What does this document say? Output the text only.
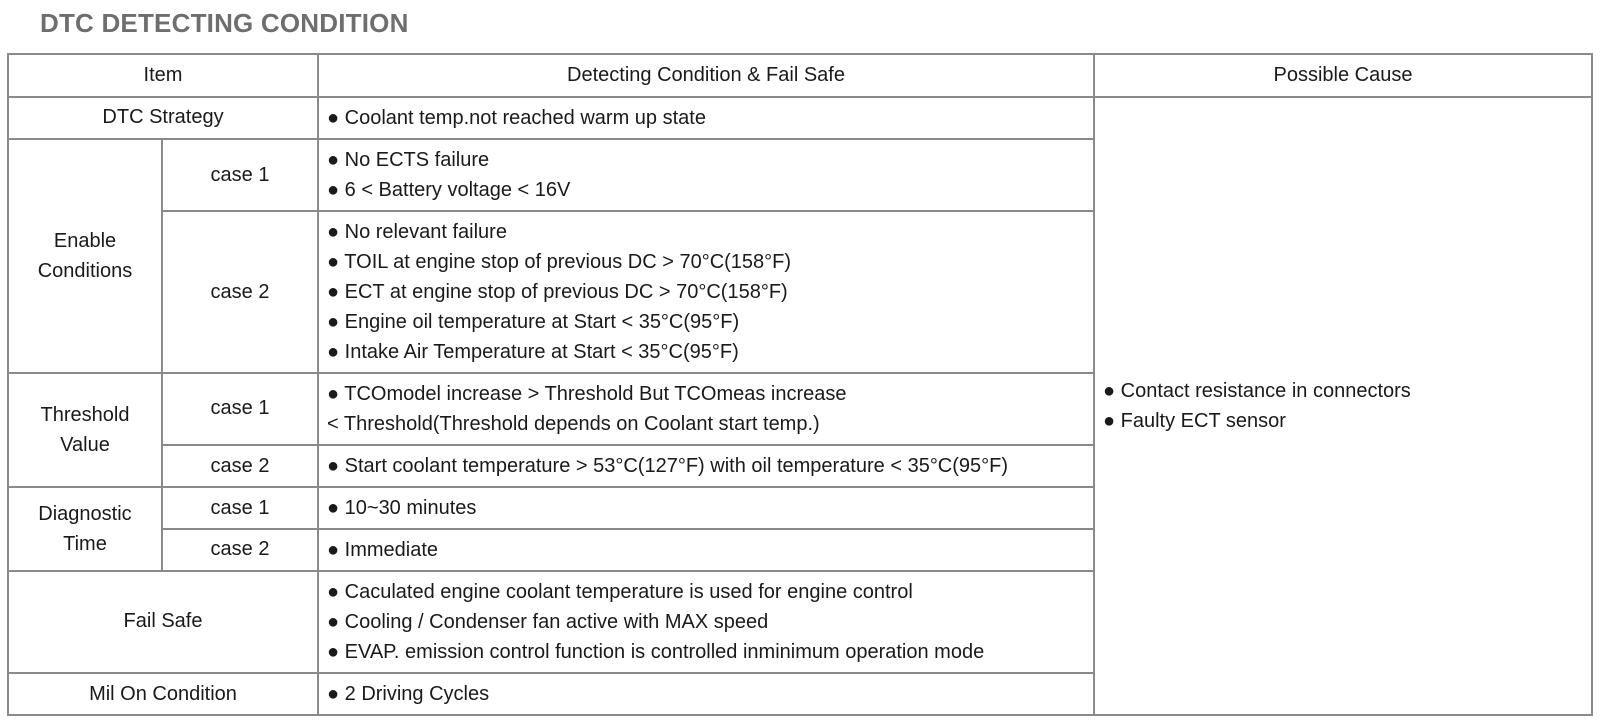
DTC DETECTING CONDITION
Item		Detecting Condition & Fail Safe	Possible Cause
DTC Strategy		● Coolant temp.not reached warm up state	● Contact resistance in connectors
● Faulty ECT sensor

Enable
Conditions	case 1	● No ECTS failure
● 6 < Battery voltage < 16V	

	case 2	● No relevant failure
● TOIL at engine stop of previous DC > 70°C(158°F)
● ECT at engine stop of previous DC > 70°C(158°F)
● Engine oil temperature at Start < 35°C(95°F)
● Intake Air Temperature at Start < 35°C(95°F)	

Threshold
Value	case 1	● TCOmodel increase > Threshold But TCOmeas increase
< Threshold(Threshold depends on Coolant start temp.)	

	case 2	● Start coolant temperature > 53°C(127°F) with oil temperature < 35°C(95°F)	

Diagnostic
Time	case 1	● 10~30 minutes	

	case 2	● Immediate	

Fail Safe		● Caculated engine coolant temperature is used for engine control
● Cooling / Condenser fan active with MAX speed
● EVAP. emission control function is controlled inminimum operation mode	

Mil On Condition		● 2 Driving Cycles	
